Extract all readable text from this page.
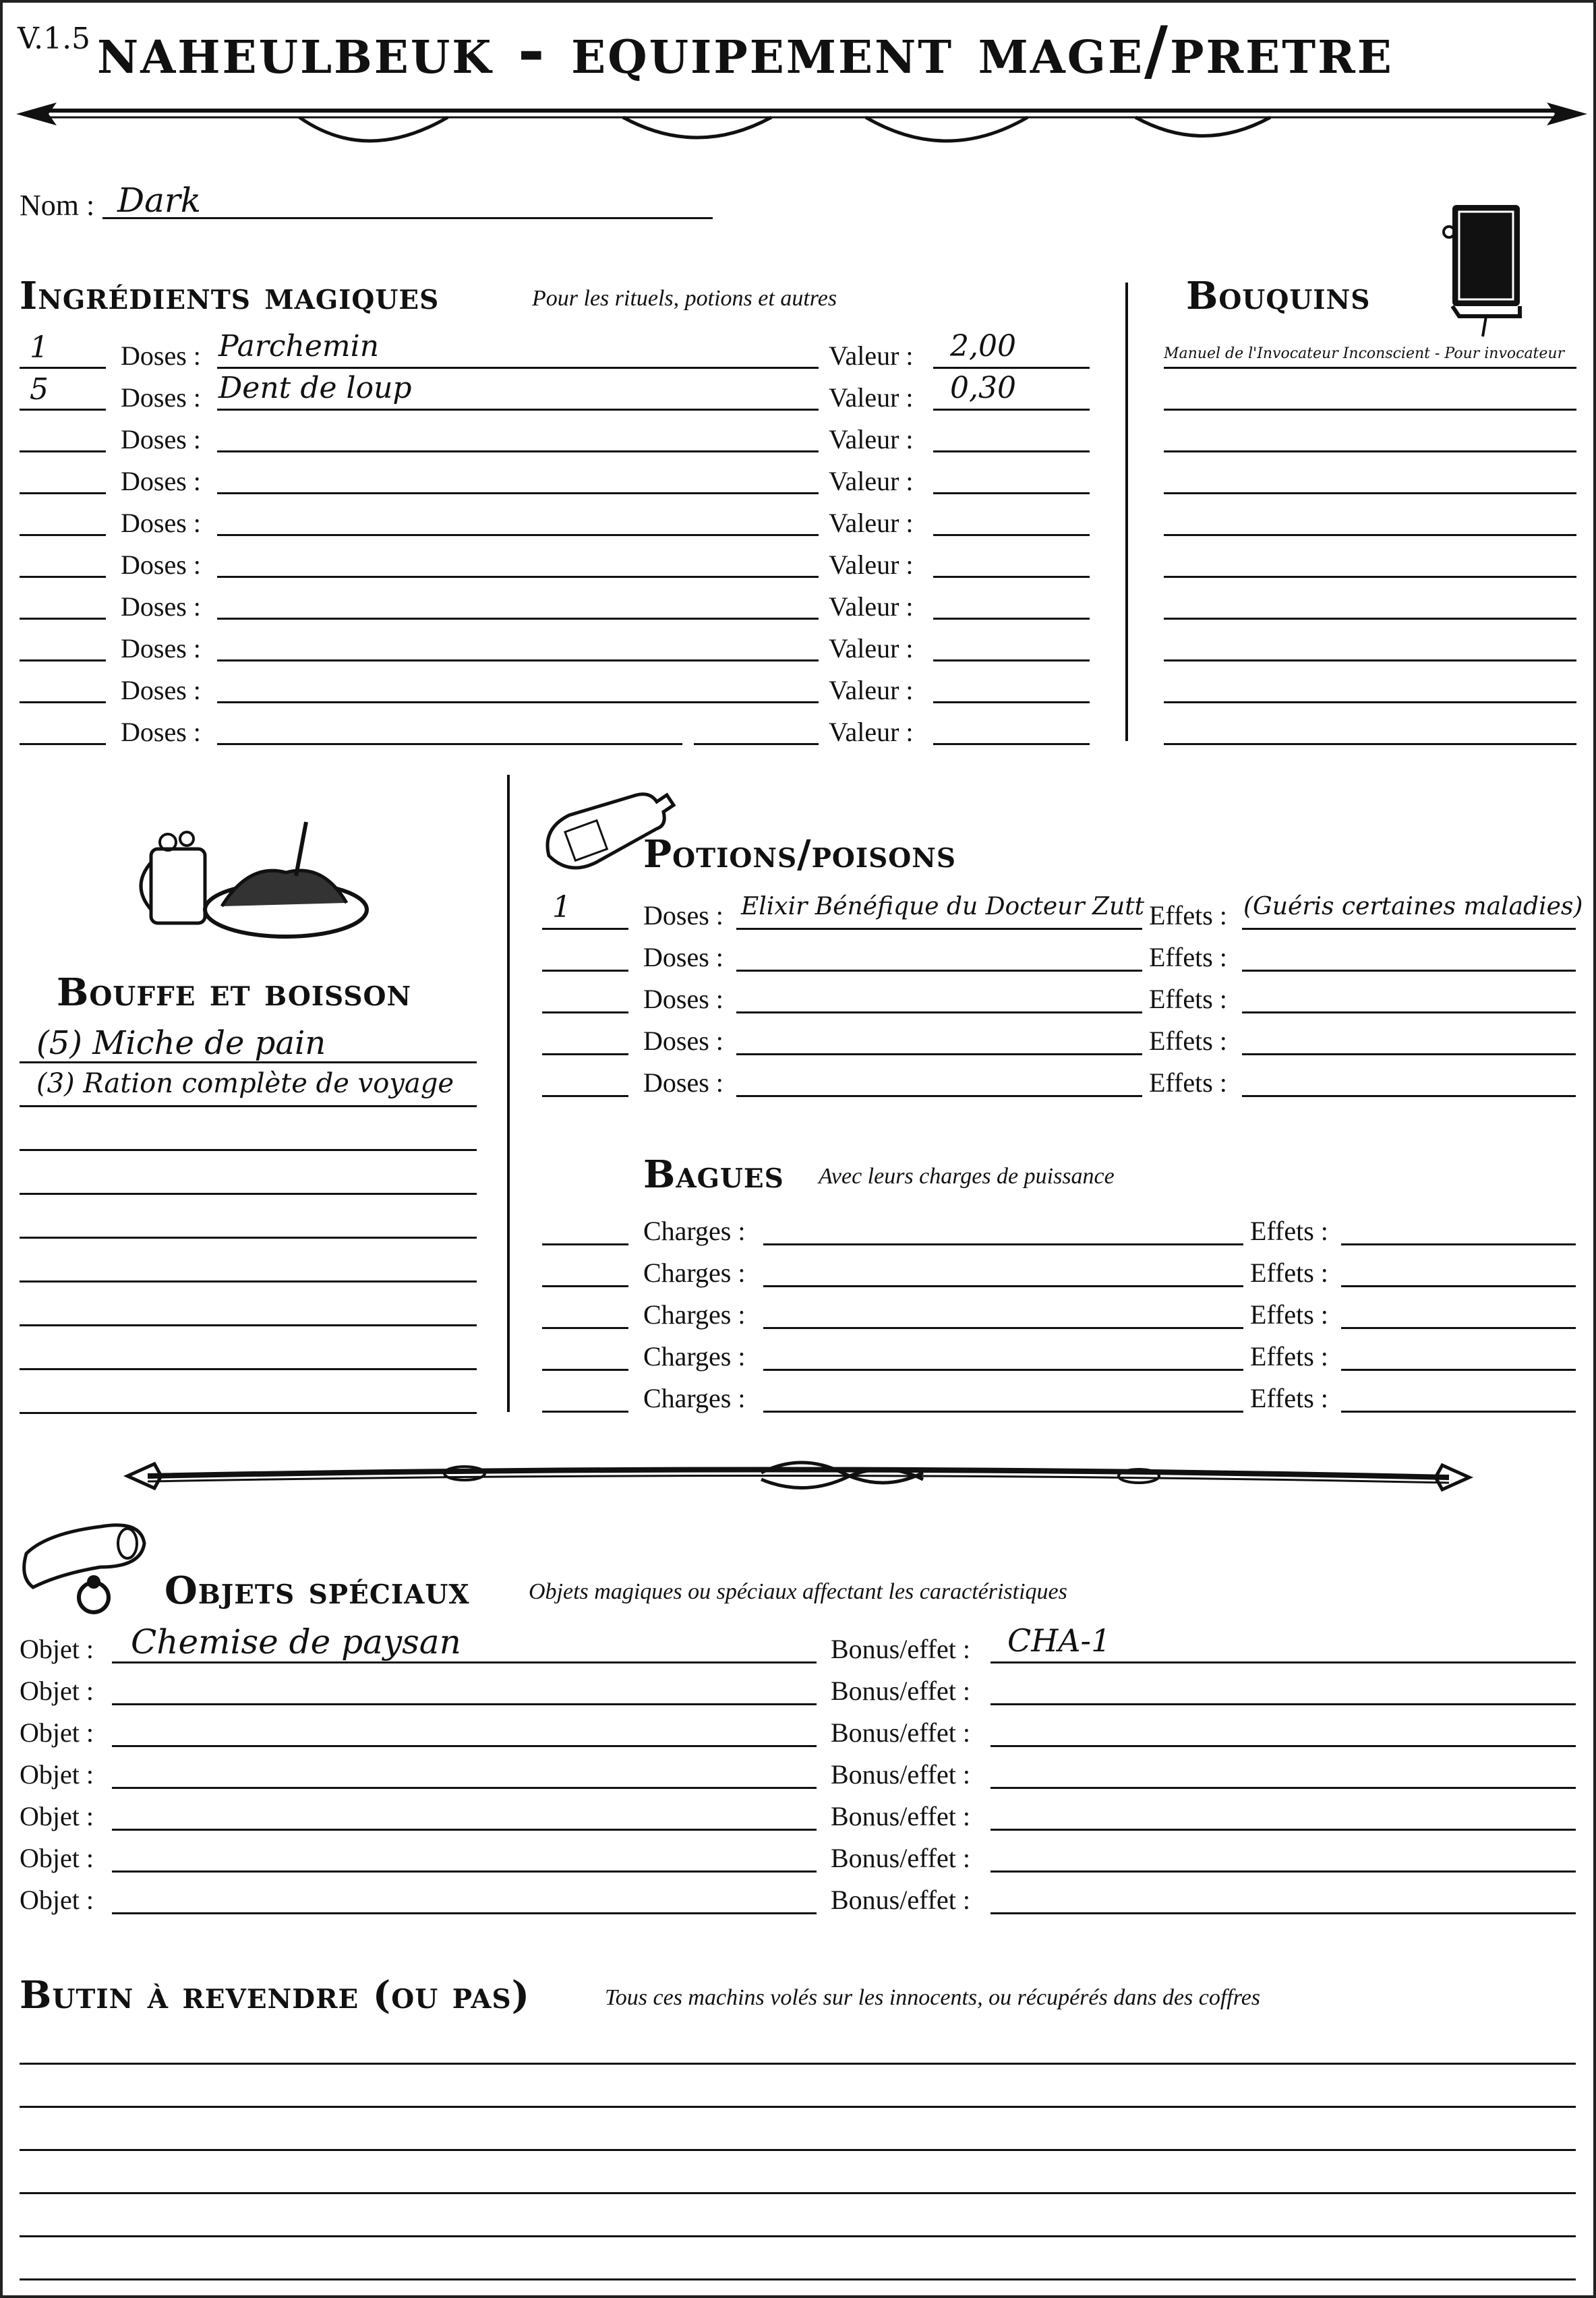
V.1.5 naheulbeuk - equipement mage/pretre
Nom : Dark
Ingrédients magiques	Pour les rituels, potions et autres
1	Doses : Parchemin	Valeur : 2,00
5	Doses : Dent de loup	Valeur : 0,30
Doses :	Valeur :
Doses :	Valeur :
Doses :	Valeur :
Doses :	Valeur :
Doses :	Valeur :
Doses :	Valeur :
Doses :	Valeur :
Doses :	Valeur :
Bouquins
Manuel de l'Invocateur Inconscient - Pour invocateur
Bouffe et boisson
(5) Miche de pain
(3) Ration complète de voyage
Potions/poisons
1	Doses : Elixir Bénéfique du Docteur Zutt Effets : (Guéris certaines maladies)
Doses :	Effets :
Doses :	Effets :
Doses :	Effets :
Doses :	Effets :
Bagues Avec leurs charges de puissance
Charges :	Effets :
Charges :	Effets :
Charges :	Effets :
Charges :	Effets :
Charges :	Effets :
Objets spéciaux	Objets magiques ou spéciaux affectant les caractéristiques
Objet : Chemise de paysan	Bonus/effet : CHA-1
Objet :	Bonus/effet :
Objet :	Bonus/effet :
Objet :	Bonus/effet :
Objet :	Bonus/effet :
Objet :	Bonus/effet :
Objet :	Bonus/effet :
Butin à revendre (ou pas)	Tous ces machins volés sur les innocents, ou récupérés dans des coffres
